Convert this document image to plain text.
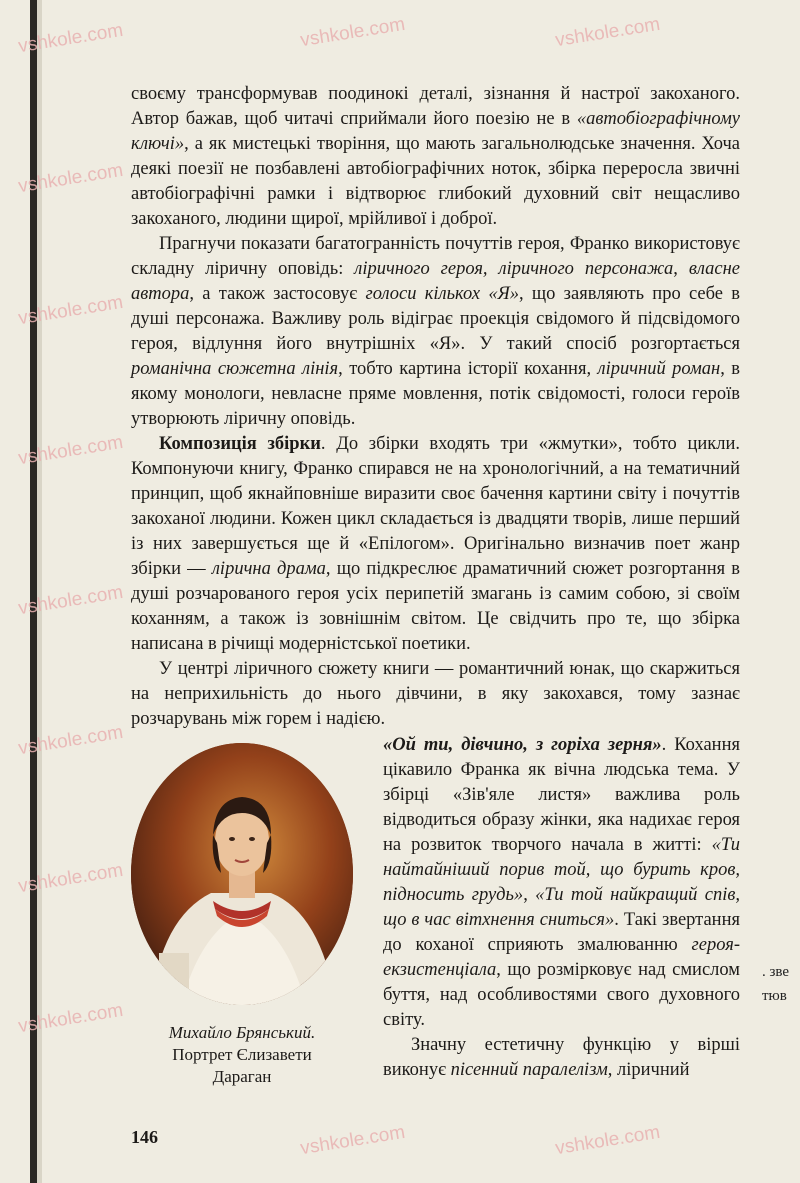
vshkole.com	vshkole.com	vshkole.com
vshkole.com
vshkole.com
vshkole.com
vshkole.com
vshkole.com
vshkole.com
vshkole.com
vshkole.com	vshkole.com

своєму трансформував поодинокі деталі, зізнання й настрої закоханого. Автор бажав, щоб читачі сприймали його поезію не в «автобіографічному ключі», а як мистецькі творіння, що мають загальнолюдське значення. Хоча деякі поезії не позбавлені автобіографічних ноток, збірка переросла звичні автобіографічні рамки і відтворює глибокий духовний світ нещасливо закоханого, людини щирої, мрійливої і доброї.

Прагнучи показати багатогранність почуттів героя, Франко використовує складну ліричну оповідь: ліричного героя, ліричного персонажа, власне автора, а також застосовує голоси кількох «Я», що заявляють про себе в душі персонажа. Важливу роль відіграє проекція свідомого й підсвідомого героя, відлуння його внутрішніх «Я». У такий спосіб розгортається романічна сюжетна лінія, тобто картина історії кохання, ліричний роман, в якому монологи, невласне пряме мовлення, потік свідомості, голоси героїв утворюють ліричну оповідь.

Композиція збірки. До збірки входять три «жмутки», тобто цикли. Компонуючи книгу, Франко спирався не на хронологічний, а на тематичний принцип, щоб якнайповніше виразити своє бачення картини світу і почуттів закоханої людини. Кожен цикл складається із двадцяти творів, лише перший із них завершується ще й «Епілогом». Оригінально визначив поет жанр збірки — лірична драма, що підкреслює драматичний сюжет розгортання в душі розчарованого героя усіх перипетій змагань із самим собою, зі своїм коханням, а також із зовнішнім світом. Це свідчить про те, що збірка написана в річищі модерністської поетики.

У центрі ліричного сюжету книги — романтичний юнак, що скаржиться на неприхильність до нього дівчини, в яку закохався, тому зазнає розчарувань між горем і надією.

Михайло Брянський.
Портрет Єлизавети
Дараган

«Ой ти, дівчино, з горіха зерня». Кохання цікавило Франка як вічна людська тема. У збірці «Зів'яле листя» важлива роль відводиться образу жінки, яка надихає героя на розвиток творчого начала в житті: «Ти найтайніший порив той, що бурить кров, підносить грудь», «Ти той найкращий спів, що в час вітхнення сниться». Такі звертання до коханої сприяють змалюванню героя-екзистенціала, що розмірковує над смислом буття, над особливостями свого духовного світу.

Значну естетичну функцію у вірші виконує пісенний паралелізм, ліричний

146
. зве
тюв
